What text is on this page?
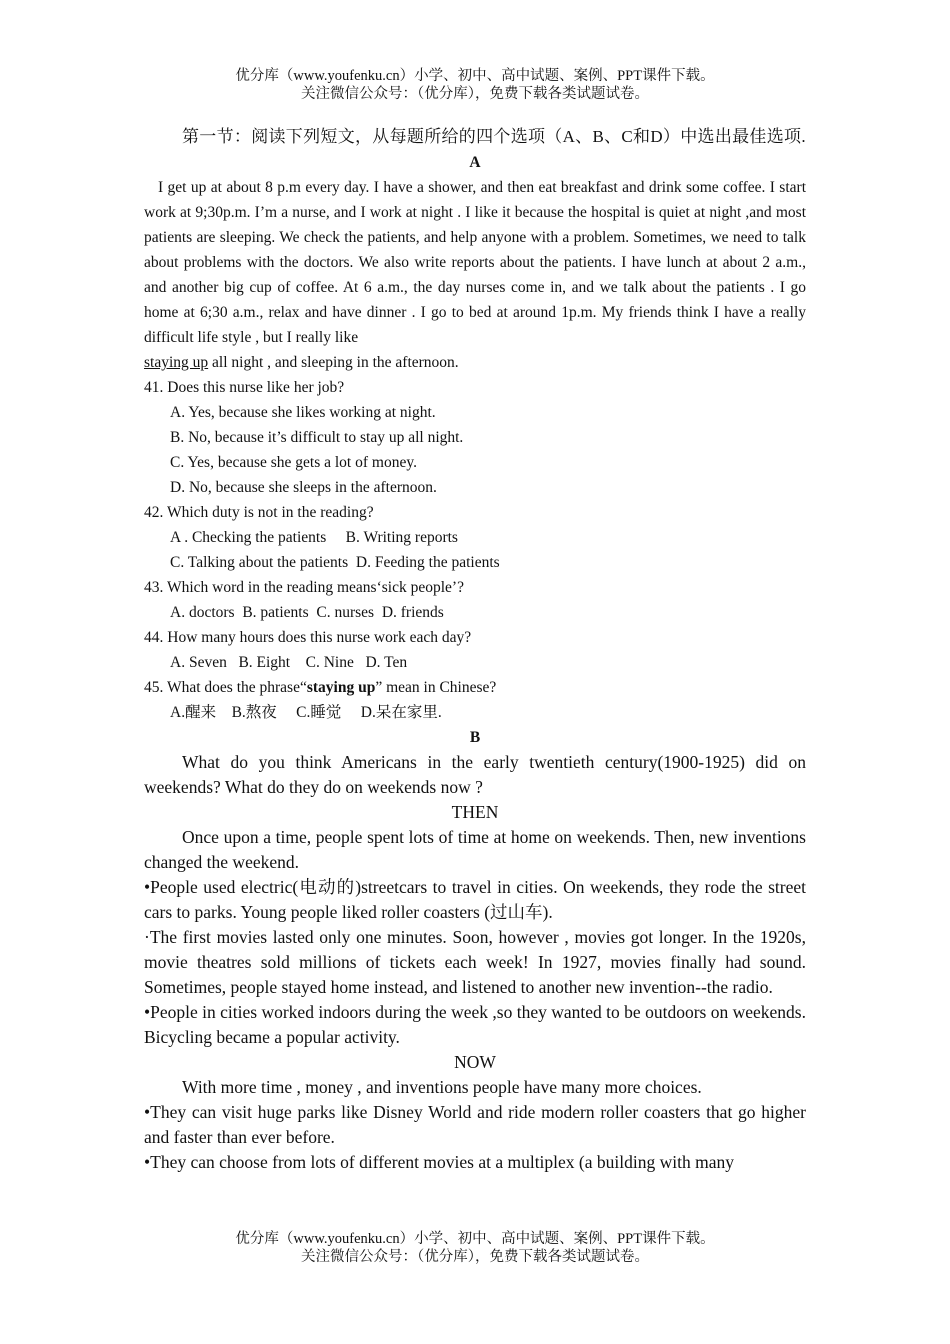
优分库（www.youfenku.cn）小学、初中、高中试题、案例、PPT课件下载。
关注微信公众号：（优分库），免费下载各类试题试卷。

第一节：阅读下列短文，从每题所给的四个选项（A、B、C和D）中选出最佳选项.

A

I get up at about 8 p.m every day. I have a shower, and then eat breakfast and drink some coffee. I start work at 9;30p.m. I’m a nurse, and I work at night . I like it because the hospital is quiet at night ,and most patients are sleeping. We check the patients, and help anyone with a problem. Sometimes, we need to talk about problems with the doctors. We also write reports about the patients. I have lunch at about 2 a.m., and another big cup of coffee. At 6 a.m., the day nurses come in, and we talk about the patients . I go home at 6;30 a.m., relax and have dinner . I go to bed at around 1p.m. My friends think I have a really difficult life style , but I really like
staying up all night , and sleeping in the afternoon.

41. Does this nurse like her job?

A. Yes, because she likes working at night.

B. No, because it’s difficult to stay up all night.

C. Yes, because she gets a lot of money.

D. No, because she sleeps in the afternoon.

42. Which duty is not in the reading?

A . Checking the patients     B. Writing reports

C. Talking about the patients  D. Feeding the patients

43. Which word in the reading means‘sick people’?

A. doctors  B. patients  C. nurses  D. friends

44. How many hours does this nurse work each day?

A. Seven   B. Eight    C. Nine   D. Ten

45. What does the phrase“staying up” mean in Chinese?

A.醒来    B.熬夜     C.睡觉     D.呆在家里.

B

What do you think Americans in the early twentieth century(1900-1925) did on weekends? What do they do on weekends now ?

THEN

Once upon a time, people spent lots of time at home on weekends. Then, new inventions changed the weekend.

•People used electric(电动的)streetcars to travel in cities. On weekends, they rode the street cars to parks. Young people liked roller coasters (过山车).

·The first movies lasted only one minutes. Soon, however , movies got longer. In the 1920s, movie theatres sold millions of tickets each week! In 1927, movies finally had sound. Sometimes, people stayed home instead, and listened to another new invention--the radio.

•People in cities worked indoors during the week ,so they wanted to be outdoors on weekends. Bicycling became a popular activity.

NOW

With more time , money , and inventions people have many more choices.

•They can visit huge parks like Disney World and ride modern roller coasters that go higher and faster than ever before.

•They can choose from lots of different movies at a multiplex (a building with many

优分库（www.youfenku.cn）小学、初中、高中试题、案例、PPT课件下载。
关注微信公众号：（优分库），免费下载各类试题试卷。
